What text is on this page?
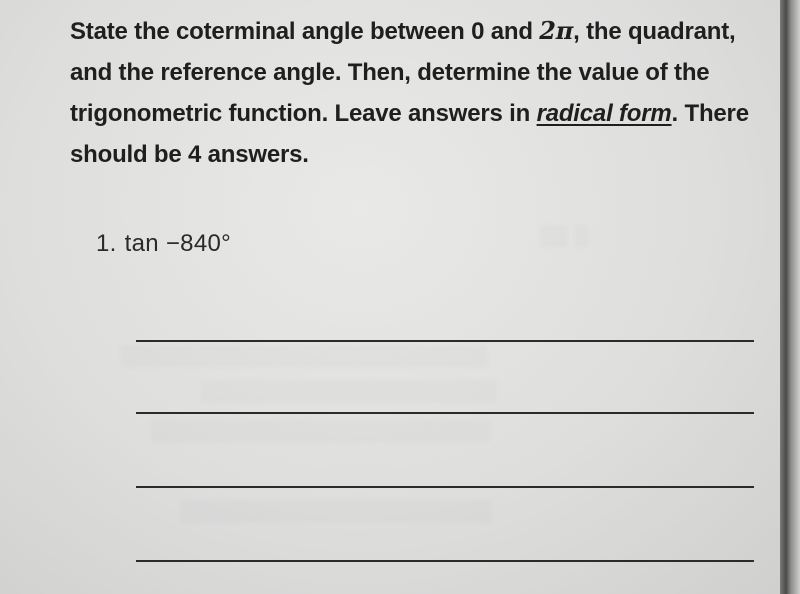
▒▒ ▒
▒▒▒▒▒▒▒▒▒▒▒▒▒▒▒▒▒▒▒▒▒▒▒▒▒▒
▒▒▒▒▒▒▒▒▒▒▒▒▒▒▒▒▒▒▒▒▒
▒▒▒▒▒▒▒▒▒▒▒▒▒▒▒▒▒▒▒▒▒▒▒▒
▒▒▒▒▒▒▒▒▒▒▒▒▒▒▒▒▒▒▒▒▒▒
State the coterminal angle between 0 and 2π, the quadrant, and the reference angle. Then, determine the value of the trigonometric function. Leave answers in radical form. There should be 4 answers.
1. tan −840°
